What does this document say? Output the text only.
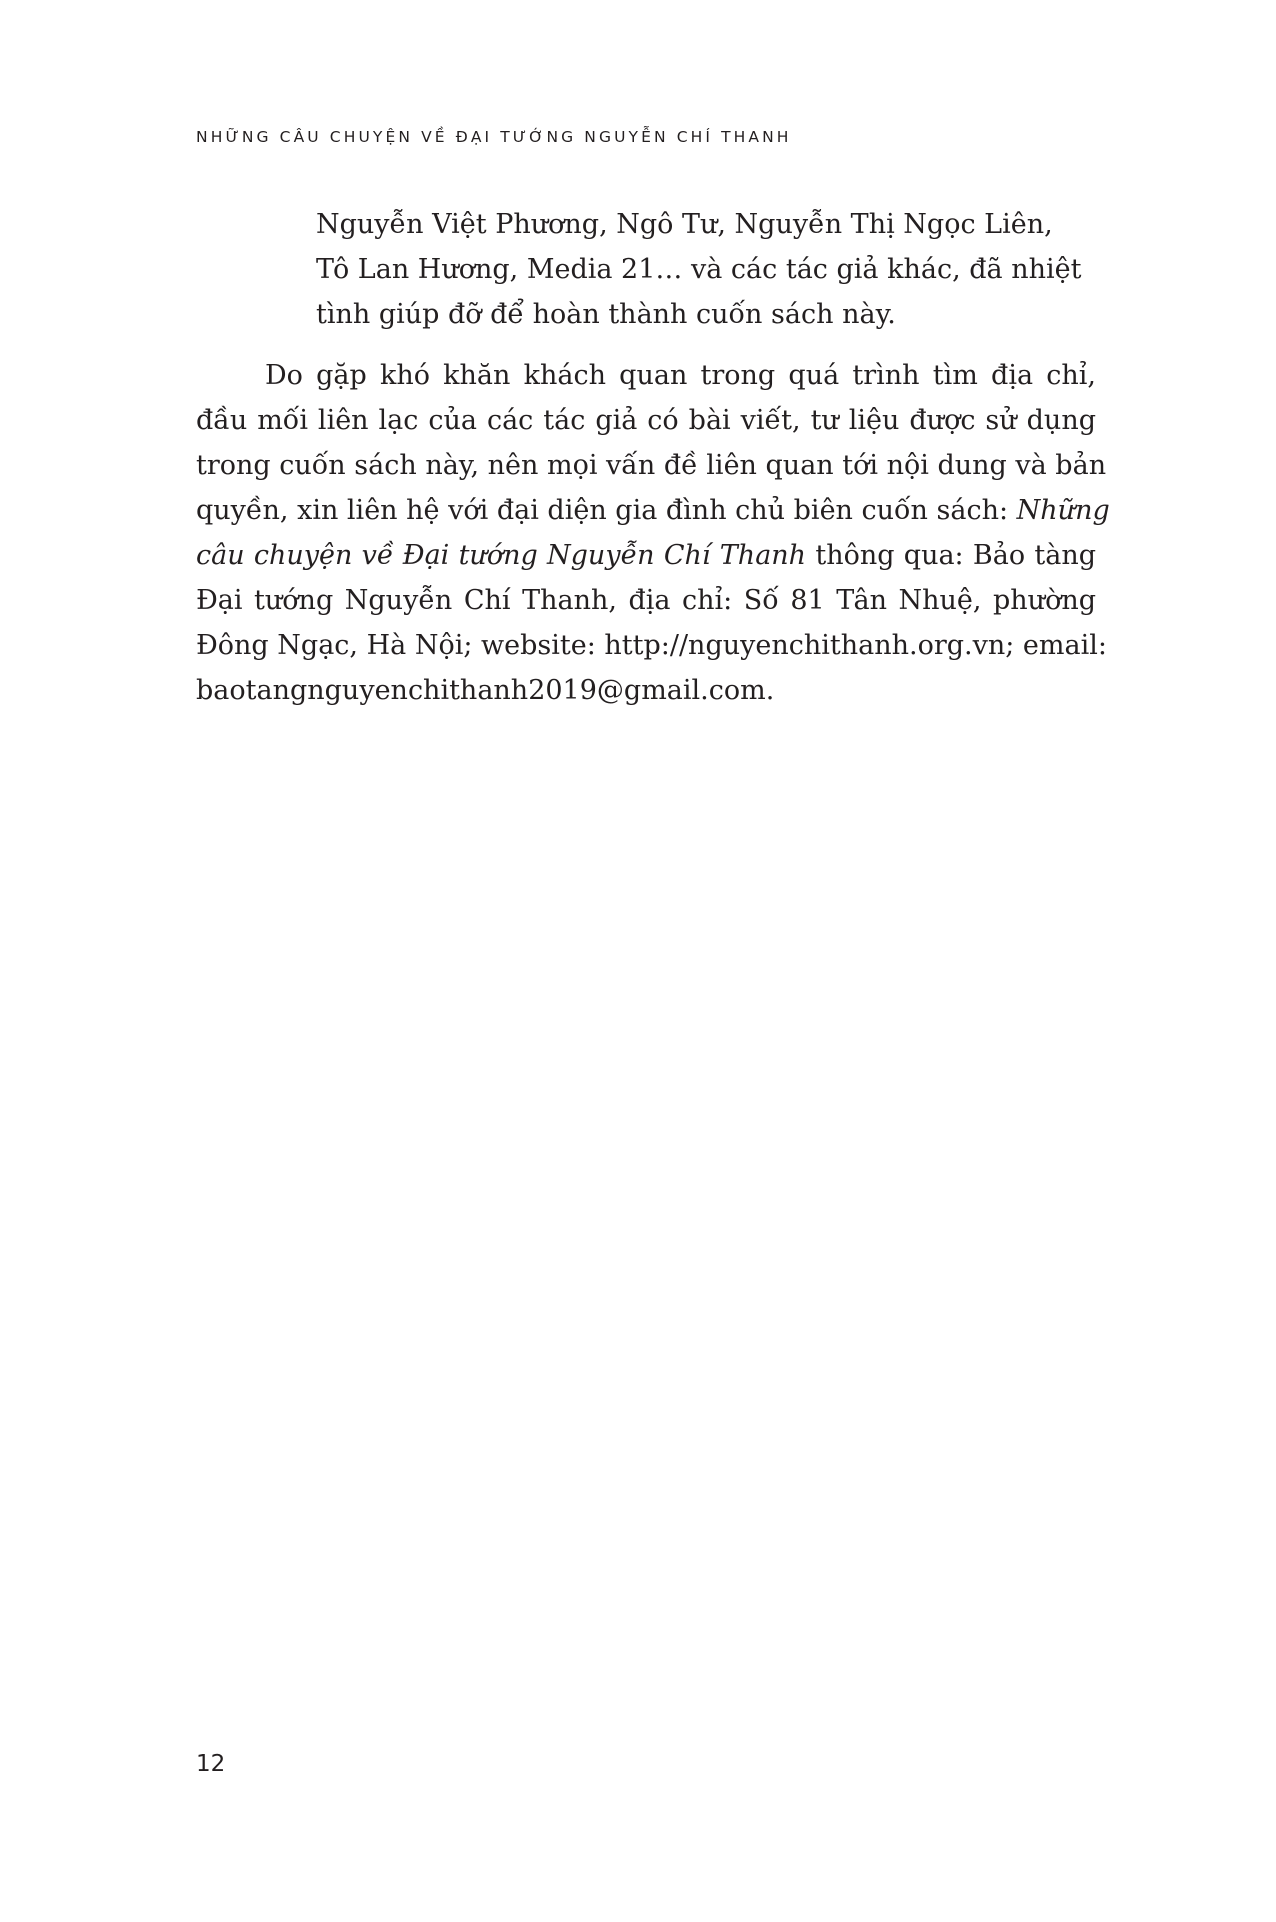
NHỮNG CÂU CHUYỆN VỀ ĐẠI TƯỚNG NGUYỄN CHÍ THANH
Nguyễn Việt Phương, Ngô Tư, Nguyễn Thị Ngọc Liên,
Tô Lan Hương, Media 21… và các tác giả khác, đã nhiệt
tình giúp đỡ để hoàn thành cuốn sách này.
Do gặp khó khăn khách quan trong quá trình tìm địa chỉ,
đầu mối liên lạc của các tác giả có bài viết, tư liệu được sử dụng
trong cuốn sách này, nên mọi vấn đề liên quan tới nội dung và bản
quyền, xin liên hệ với đại diện gia đình chủ biên cuốn sách: Những
câu chuyện về Đại tướng Nguyễn Chí Thanh thông qua: Bảo tàng
Đại tướng Nguyễn Chí Thanh, địa chỉ: Số 81 Tân Nhuệ, phường
Đông Ngạc, Hà Nội; website: http://nguyenchithanh.org.vn; email:
baotangnguyenchithanh2019@gmail.com.
12
